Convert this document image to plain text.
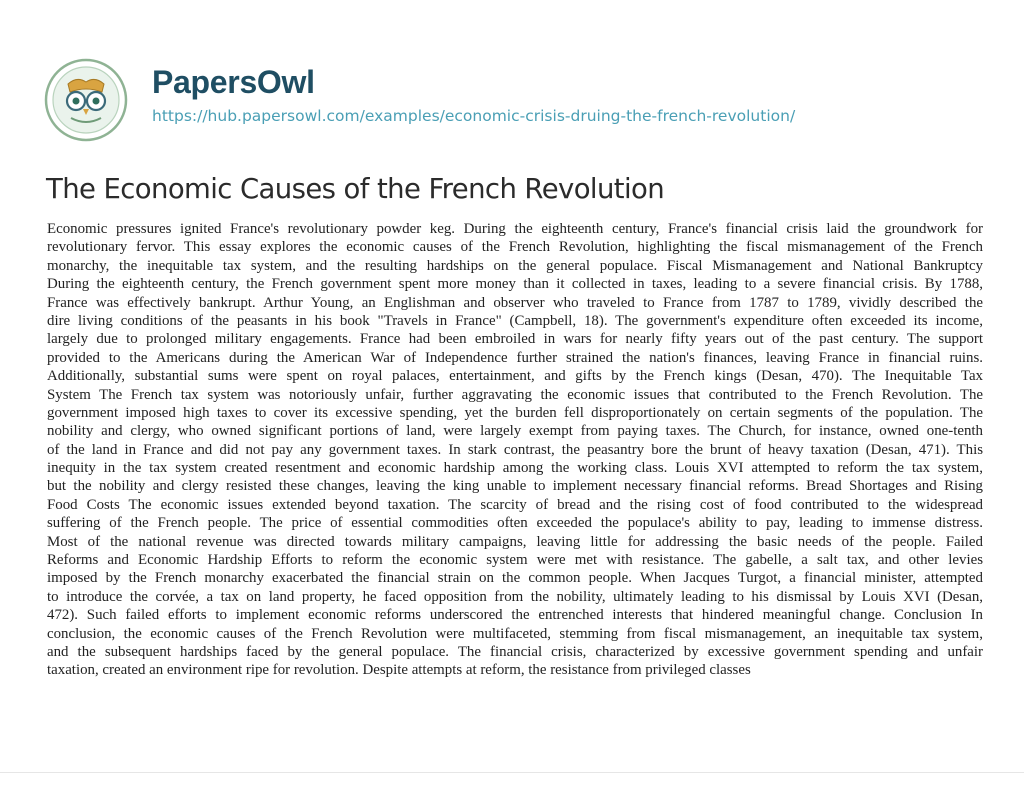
PapersOwl
https://hub.papersowl.com/examples/economic-crisis-druing-the-french-revolution/
The Economic Causes of the French Revolution
Economic pressures ignited France's revolutionary powder keg. During the eighteenth century, France's financial crisis laid the groundwork for
revolutionary fervor. This essay explores the economic causes of the French Revolution, highlighting the fiscal mismanagement of the French
monarchy, the inequitable tax system, and the resulting hardships on the general populace. Fiscal Mismanagement and National Bankruptcy
During the eighteenth century, the French government spent more money than it collected in taxes, leading to a severe financial crisis. By 1788,
France was effectively bankrupt. Arthur Young, an Englishman and observer who traveled to France from 1787 to 1789, vividly described the
dire living conditions of the peasants in his book "Travels in France" (Campbell, 18). The government's expenditure often exceeded its income,
largely due to prolonged military engagements. France had been embroiled in wars for nearly fifty years out of the past century. The support
provided to the Americans during the American War of Independence further strained the nation's finances, leaving France in financial ruins.
Additionally, substantial sums were spent on royal palaces, entertainment, and gifts by the French kings (Desan, 470). The Inequitable Tax
System The French tax system was notoriously unfair, further aggravating the economic issues that contributed to the French Revolution. The
government imposed high taxes to cover its excessive spending, yet the burden fell disproportionately on certain segments of the population. The
nobility and clergy, who owned significant portions of land, were largely exempt from paying taxes. The Church, for instance, owned one-tenth
of the land in France and did not pay any government taxes. In stark contrast, the peasantry bore the brunt of heavy taxation (Desan, 471). This
inequity in the tax system created resentment and economic hardship among the working class. Louis XVI attempted to reform the tax system,
but the nobility and clergy resisted these changes, leaving the king unable to implement necessary financial reforms. Bread Shortages and Rising
Food Costs The economic issues extended beyond taxation. The scarcity of bread and the rising cost of food contributed to the widespread
suffering of the French people. The price of essential commodities often exceeded the populace's ability to pay, leading to immense distress.
Most of the national revenue was directed towards military campaigns, leaving little for addressing the basic needs of the people. Failed
Reforms and Economic Hardship Efforts to reform the economic system were met with resistance. The gabelle, a salt tax, and other levies
imposed by the French monarchy exacerbated the financial strain on the common people. When Jacques Turgot, a financial minister, attempted
to introduce the corvée, a tax on land property, he faced opposition from the nobility, ultimately leading to his dismissal by Louis XVI (Desan,
472). Such failed efforts to implement economic reforms underscored the entrenched interests that hindered meaningful change. Conclusion In
conclusion, the economic causes of the French Revolution were multifaceted, stemming from fiscal mismanagement, an inequitable tax system,
and the subsequent hardships faced by the general populace. The financial crisis, characterized by excessive government spending and unfair
taxation, created an environment ripe for revolution. Despite attempts at reform, the resistance from privileged classes
